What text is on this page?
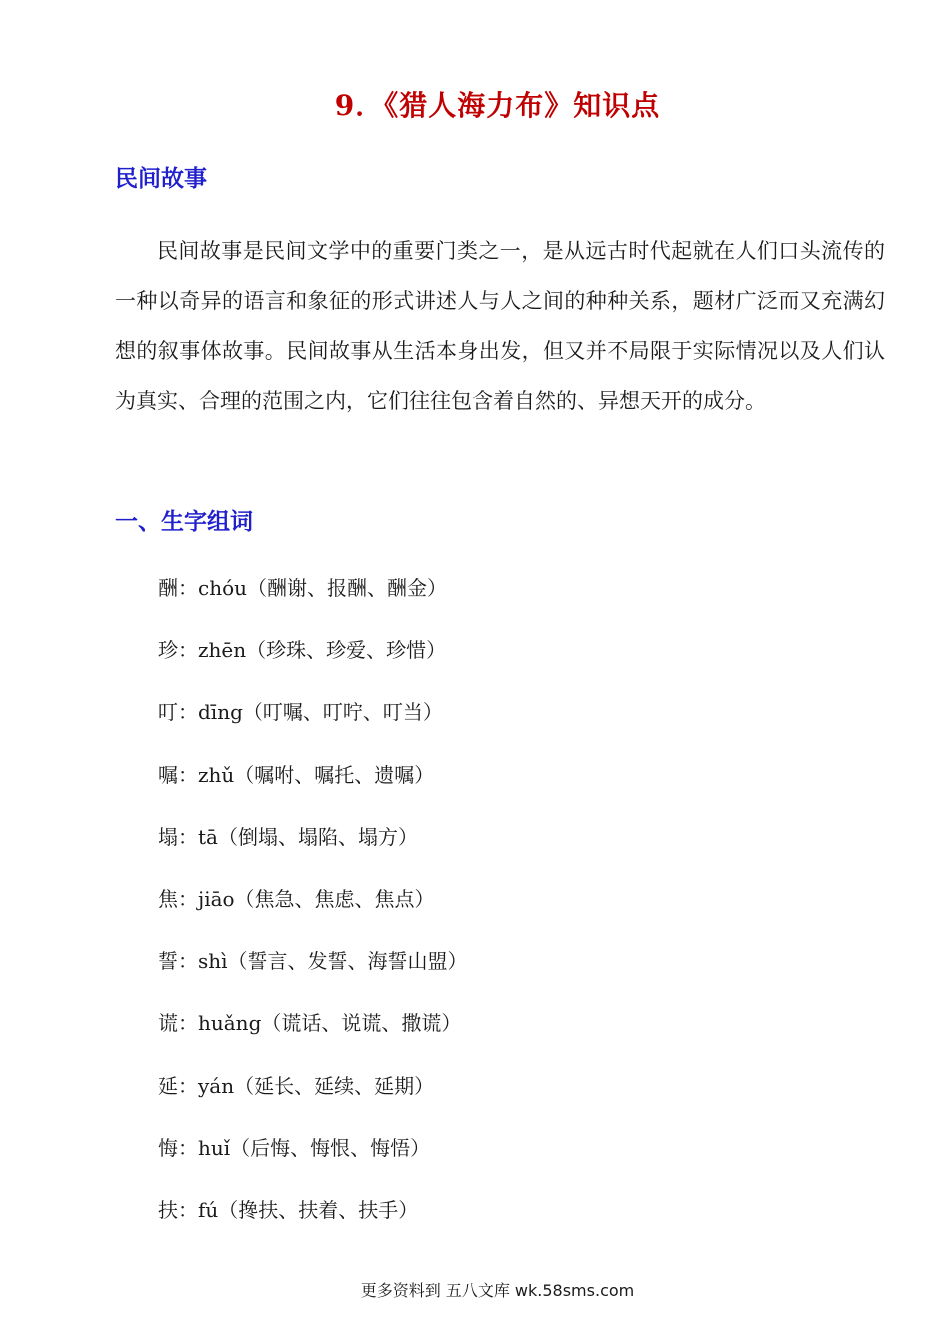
9．《猎人海力布》知识点
民间故事

民间故事是民间文学中的重要门类之一，是从远古时代起就在人们口头流传的一种以奇异的语言和象征的形式讲述人与人之间的种种关系，题材广泛而又充满幻想的叙事体故事。民间故事从生活本身出发，但又并不局限于实际情况以及人们认为真实、合理的范围之内，它们往往包含着自然的、异想天开的成分。

一、生字组词
酬：chóu（酬谢、报酬、酬金）
珍：zhēn（珍珠、珍爱、珍惜）
叮：dīng（叮嘱、叮咛、叮当）
嘱：zhǔ（嘱咐、嘱托、遗嘱）
塌：tā（倒塌、塌陷、塌方）
焦：jiāo（焦急、焦虑、焦点）
誓：shì（誓言、发誓、海誓山盟）
谎：huǎng（谎话、说谎、撒谎）
延：yán（延长、延续、延期）
悔：huǐ（后悔、悔恨、悔悟）
扶：fú（搀扶、扶着、扶手）
更多资料到 五八文库 wk.58sms.com
